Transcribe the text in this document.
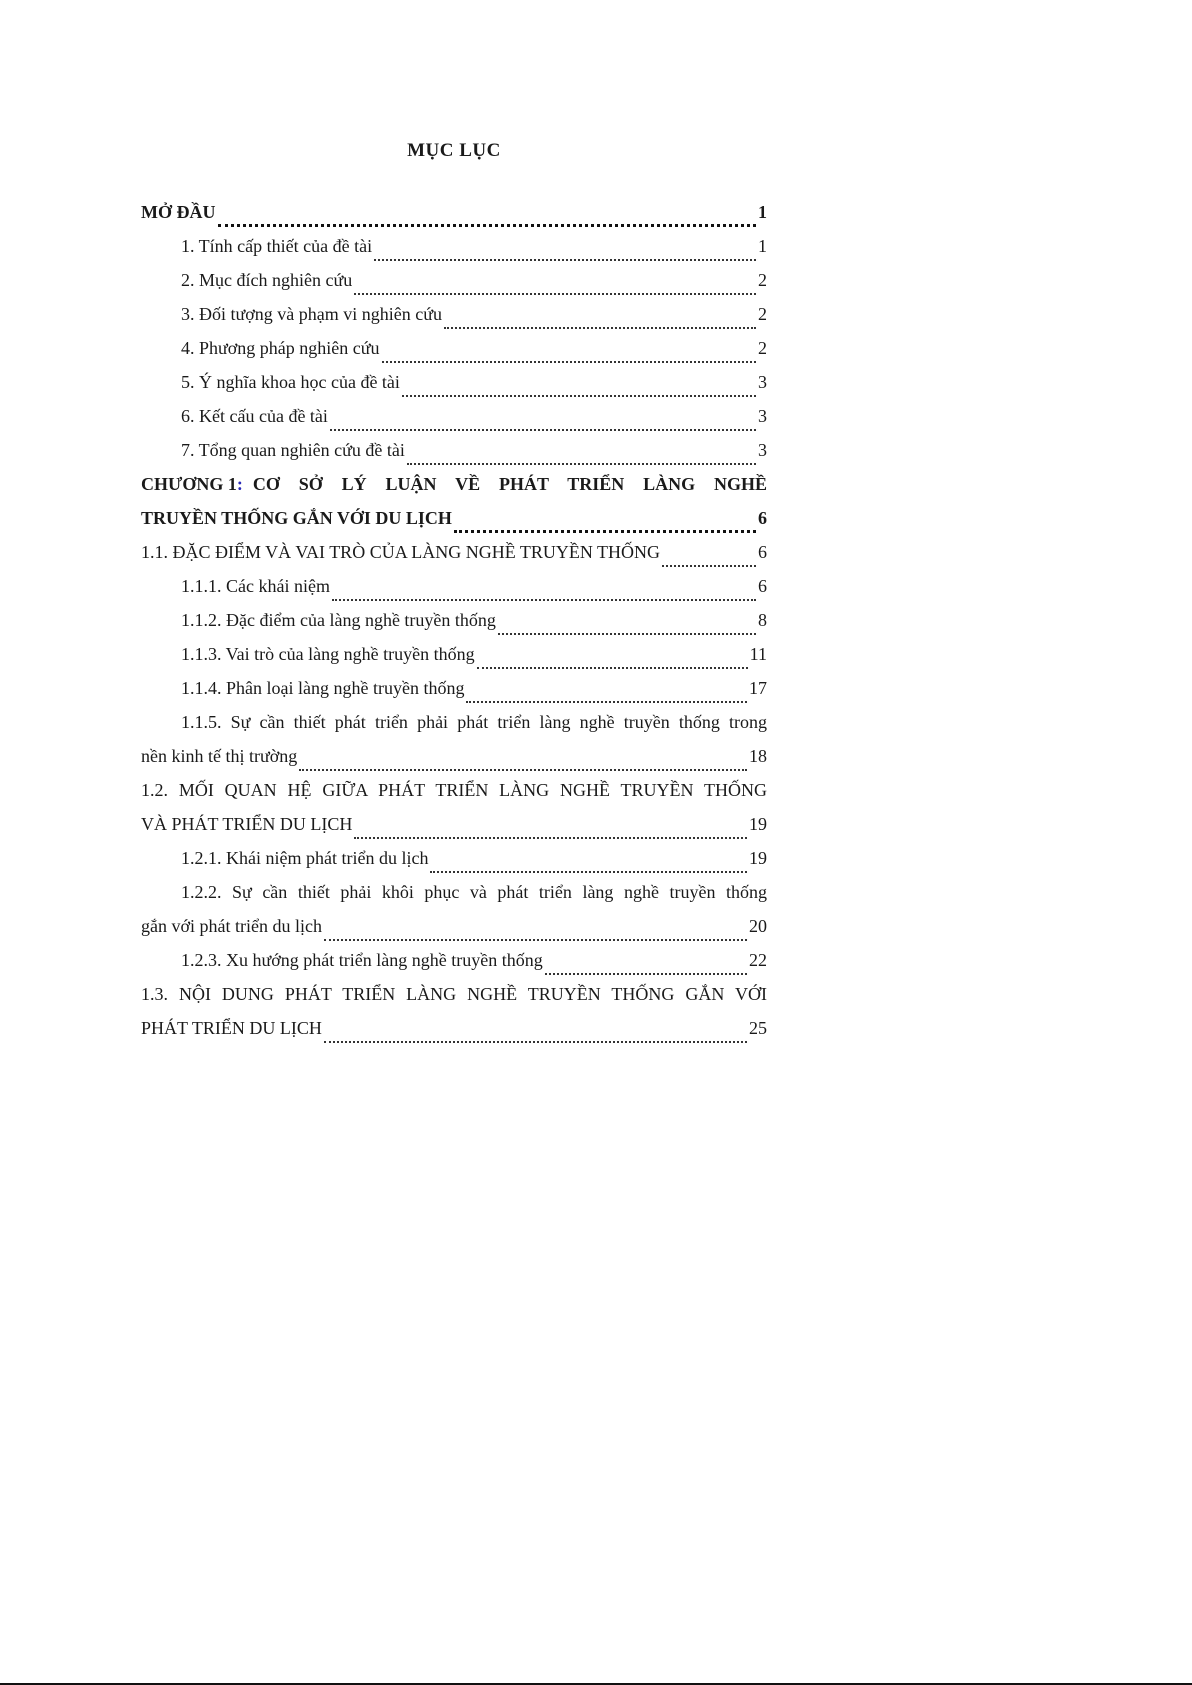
MỤC LỤC
MỞ ĐẦU	1
1. Tính cấp thiết của đề tài	1
2. Mục đích nghiên cứu	2
3. Đối tượng và phạm vi nghiên cứu	2
4. Phương pháp nghiên cứu	2
5. Ý nghĩa khoa học của đề tài	3
6. Kết cấu của đề tài	3
7. Tổng quan nghiên cứu đề tài	3
CHƯƠNG 1: CƠ SỞ LÝ LUẬN VỀ PHÁT TRIỂN LÀNG NGHỀ
TRUYỀN THỐNG GẮN VỚI DU LỊCH	6
1.1. ĐẶC ĐIỂM VÀ VAI TRÒ CỦA LÀNG NGHỀ TRUYỀN THỐNG	6
1.1.1. Các khái niệm	6
1.1.2. Đặc điểm của làng nghề truyền thống	8
1.1.3. Vai trò của làng nghề truyền thống	11
1.1.4. Phân loại làng nghề truyền thống	17
1.1.5. Sự cần thiết phát triển phải phát triển làng nghề truyền thống trong
nền kinh tế thị trường	18
1.2. MỐI QUAN HỆ GIỮA PHÁT TRIỂN LÀNG NGHỀ TRUYỀN THỐNG
VÀ PHÁT TRIỂN DU LỊCH	19
1.2.1. Khái niệm phát triển du lịch	19
1.2.2. Sự cần thiết phải khôi phục và phát triển làng nghề truyền thống
gắn với phát triển du lịch	20
1.2.3. Xu hướng phát triển làng nghề truyền thống	22
1.3. NỘI DUNG PHÁT TRIỂN LÀNG NGHỀ TRUYỀN THỐNG GẮN VỚI
PHÁT TRIỂN DU LỊCH	25
